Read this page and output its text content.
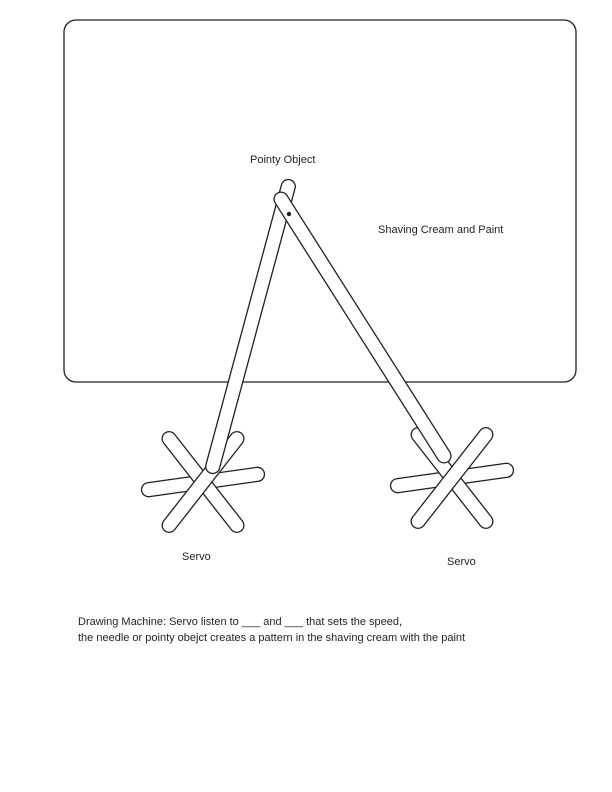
Pointy Object
Shaving Cream and Paint
Servo	Servo
Drawing Machine: Servo listen to ___ and ___ that sets the speed,
the needle or pointy obejct creates a pattern in the shaving cream with the paint
